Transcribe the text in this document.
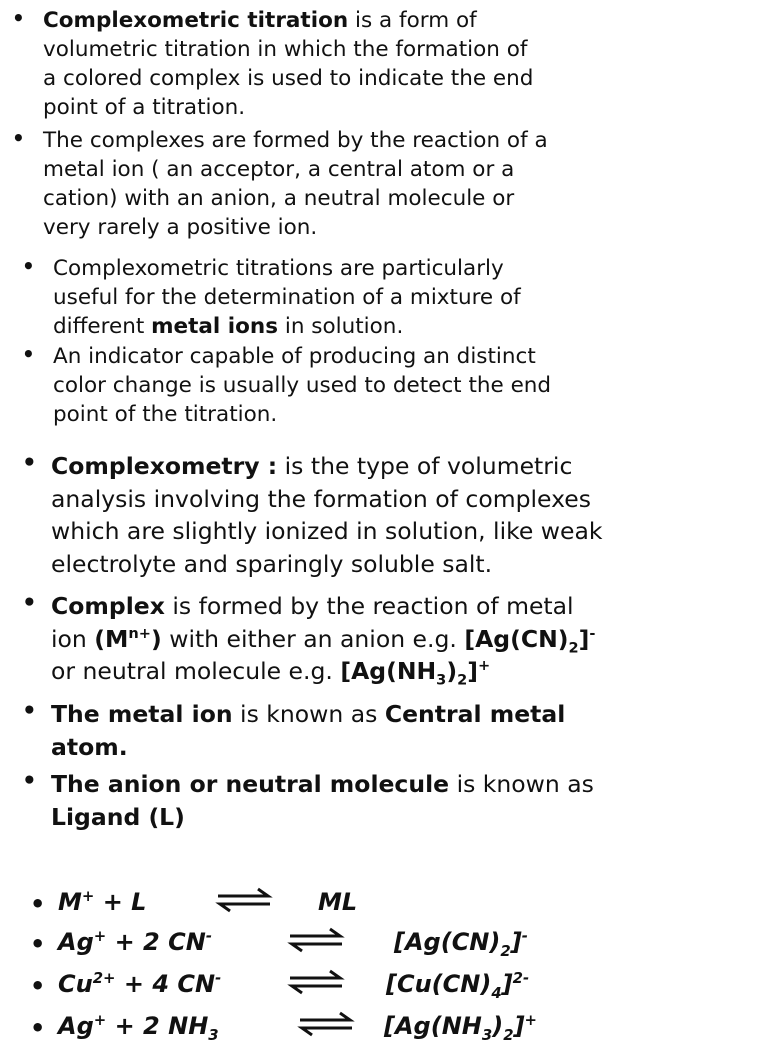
• Complexometric titration is a form of
volumetric titration in which the formation of
a colored complex is used to indicate the end
point of a titration.
• The complexes are formed by the reaction of a
metal ion ( an acceptor, a central atom or a
cation) with an anion, a neutral molecule or
very rarely a positive ion.
• Complexometric titrations are particularly
useful for the determination of a mixture of
different metal ions in solution.
• An indicator capable of producing an distinct
color change is usually used to detect the end
point of the titration.
• Complexometry : is the type of volumetric
analysis involving the formation of complexes
which are slightly ionized in solution, like weak
electrolyte and sparingly soluble salt.
• Complex is formed by the reaction of metal
ion $(M^{n+})$ with either an anion e.g. $[Ag(CN)_2]^-$
or neutral molecule e.g. $[Ag(NH_3)_2]^+$
• The metal ion is known as Central metal
atom.
• The anion or neutral molecule is known as
Ligand (L)
• M+ + L	ML
• Ag+ + 2 CN-	$[Ag(CN)_2]^-$
• $Cu^{2+} + 4$ CN-	$[Cu(CN)_4]^{2-}$
• Ag+ + 2 $NH_3$	⇌ $[Ag(NH_3)_2]^+$
